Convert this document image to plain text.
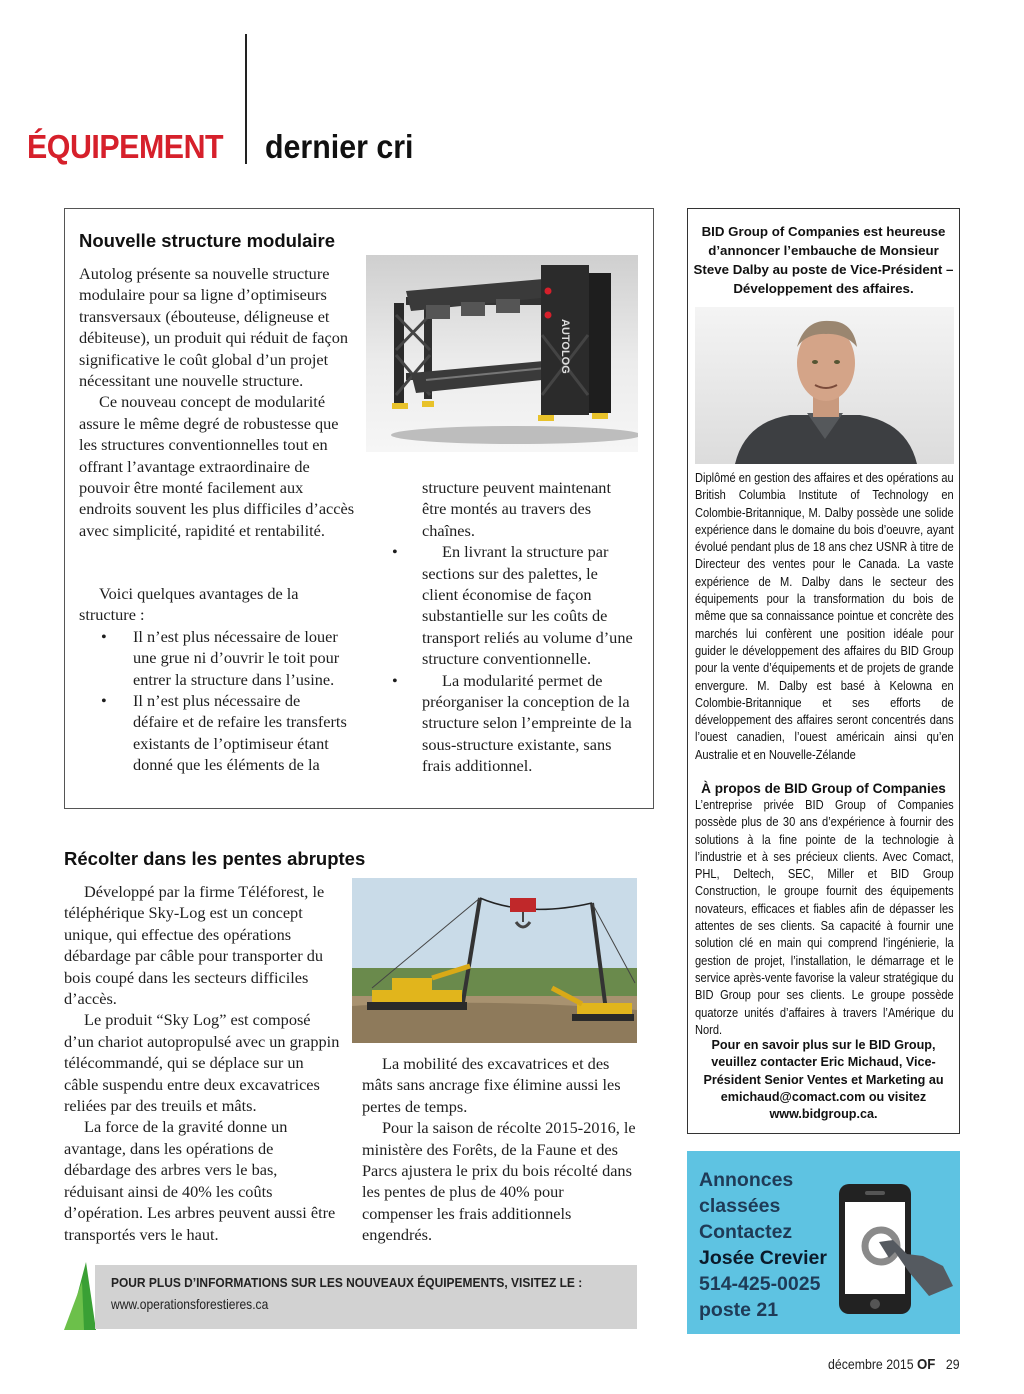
ÉQUIPEMENT dernier cri
Nouvelle structure modulaire
AUTOLOG

Autolog présente sa nouvelle structure modulaire pour sa ligne d’optimiseurs transversaux (ébouteuse, déligneuse et débiteuse), un produit qui réduit de façon significative le coût global d’un projet nécessitant une nouvelle structure.

Ce nouveau concept de modularité assure le même degré de robustesse que les structures conventionnelles tout en offrant l’avantage extraordinaire de pouvoir être monté facilement aux endroits souvent les plus difficiles d’accès avec simplicité, rapidité et rentabilité.

Voici quelques avantages de la structure :

• Il n’est plus nécessaire de louer une grue ni d’ouvrir le toit pour entrer la structure dans l’usine.

• Il n’est plus nécessaire de défaire et de refaire les transferts existants de l’optimiseur étant donné que les éléments de la

structure peuvent maintenant être montés au travers des chaînes.

•	En livrant la structure par sections sur des palettes, le client économise de façon substantielle sur les coûts de transport reliés au volume d’une structure conventionnelle.

•	La modularité permet de préorganiser la conception de la structure selon l’empreinte de la sous-structure existante, sans frais additionnel.

Récolter dans les pentes abruptes

Développé par la firme Téléforest, le téléphérique Sky-Log est un concept unique, qui effectue des opérations débardage par câble pour transporter du bois coupé dans les secteurs difficiles d’accès.

Le produit “Sky Log” est composé d’un chariot autopropulsé avec un grappin télécommandé, qui se déplace sur un câble suspendu entre deux excavatrices reliées par des treuils et mâts.

La force de la gravité donne un avantage, dans les opérations de débardage des arbres vers le bas, réduisant ainsi de 40% les coûts d’opération. Les arbres peuvent aussi être transportés vers le haut.

La mobilité des excavatrices et des mâts sans ancrage fixe élimine aussi les pertes de temps.

Pour la saison de récolte 2015-2016, le ministère des Forêts, de la Faune et des Parcs ajustera le prix du bois récolté dans les pentes de plus de 40% pour compenser les frais additionnels engendrés.

BID Group of Companies est heureuse d’annoncer l’embauche de Monsieur Steve Dalby au poste de Vice-Président – Développement des affaires.
Diplômé en gestion des affaires et des opérations au British Columbia Institute of Technology en Colombie-Britannique, M. Dalby possède une solide expérience dans le domaine du bois d’oeuvre, ayant évolué pendant plus de 18 ans chez USNR à titre de Directeur des ventes pour le Canada. La vaste expérience de M. Dalby dans le secteur des équipements pour la transformation du bois de même que sa connaissance pointue et concrète des marchés lui confèrent une position idéale pour guider le développement des affaires du BID Group pour la vente d’équipements et de projets de grande envergure. M. Dalby est basé à Kelowna en Colombie-Britannique et ses efforts de développement des affaires seront concentrés dans l’ouest canadien, l’ouest américain ainsi qu’en Australie et en Nouvelle-Zélande
À propos de BID Group of Companies
L’entreprise privée BID Group of Companies possède plus de 30 ans d’expérience à fournir des solutions à la fine pointe de la technologie à l’industrie et à ses précieux clients. Avec Comact, PHL, Deltech, SEC, Miller et BID Group Construction, le groupe fournit des équipements novateurs, efficaces et fiables afin de dépasser les attentes de ses clients. Sa capacité à fournir une solution clé en main qui comprend l’ingénierie, la gestion de projet, l’installation, le démarrage et le service après-vente favorise la valeur stratégique du BID Group pour ses clients. Le groupe possède quatorze unités d’affaires à travers l’Amérique du Nord.
Pour en savoir plus sur le BID Group, veuillez contacter Eric Michaud, Vice-Président Senior Ventes et Marketing au emichaud@comact.com ou visitez www.bidgroup.ca.
POUR PLUS D’INFORMATIONS SUR LES NOUVEAUX ÉQUIPEMENTS, VISITEZ LE :
www.operationsforestieres.ca
Annonces
classées
Contactez
Josée Crevier
514-425-0025
poste 21
décembre 2015 OF 29
